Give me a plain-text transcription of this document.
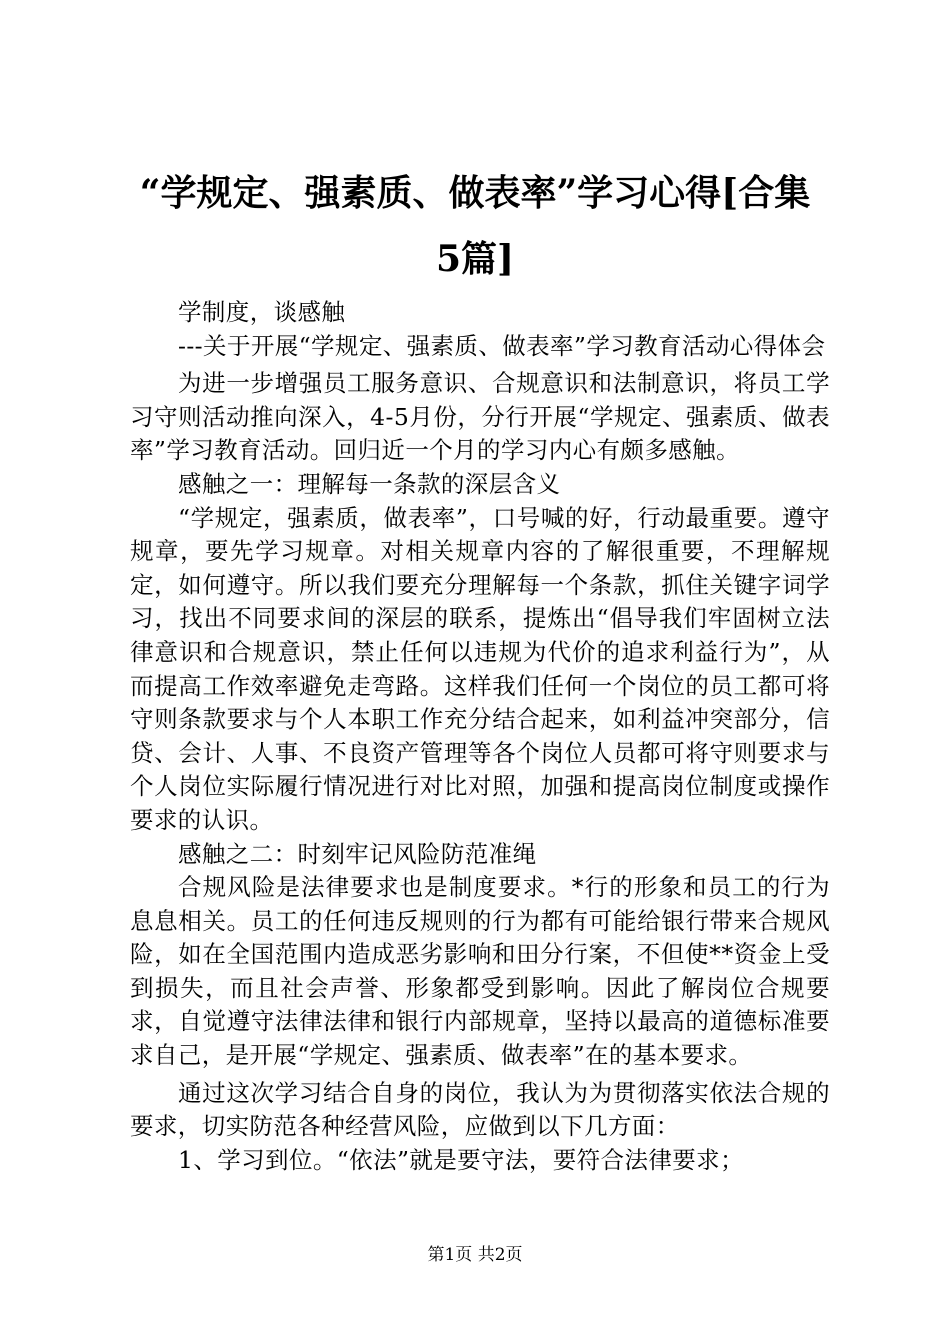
“学规定、强素质、做表率”学习心得[合集
5篇]

学制度，谈感触

---关于开展“学规定、强素质、做表率”学习教育活动心得体会

为进一步增强员工服务意识、合规意识和法制意识，将员工学习守则活动推向深入，4-5月份，分行开展“学规定、强素质、做表率”学习教育活动。回归近一个月的学习内心有颇多感触。

感触之一：理解每一条款的深层含义

“学规定，强素质，做表率”，口号喊的好，行动最重要。遵守规章，要先学习规章。对相关规章内容的了解很重要，不理解规定，如何遵守。所以我们要充分理解每一个条款，抓住关键字词学习，找出不同要求间的深层的联系，提炼出“倡导我们牢固树立法律意识和合规意识，禁止任何以违规为代价的追求利益行为”，从而提高工作效率避免走弯路。这样我们任何一个岗位的员工都可将守则条款要求与个人本职工作充分结合起来，如利益冲突部分，信贷、会计、人事、不良资产管理等各个岗位人员都可将守则要求与个人岗位实际履行情况进行对比对照，加强和提高岗位制度或操作要求的认识。

感触之二：时刻牢记风险防范准绳

合规风险是法律要求也是制度要求。*行的形象和员工的行为息息相关。员工的任何违反规则的行为都有可能给银行带来合规风险，如在全国范围内造成恶劣影响和田分行案，不但使**资金上受到损失，而且社会声誉、形象都受到影响。因此了解岗位合规要求，自觉遵守法律法律和银行内部规章，坚持以最高的道德标准要求自己，是开展“学规定、强素质、做表率”在的基本要求。

通过这次学习结合自身的岗位，我认为为贯彻落实依法合规的要求，切实防范各种经营风险，应做到以下几方面：

1、学习到位。“依法”就是要守法，要符合法律要求；

第1页 共2页
